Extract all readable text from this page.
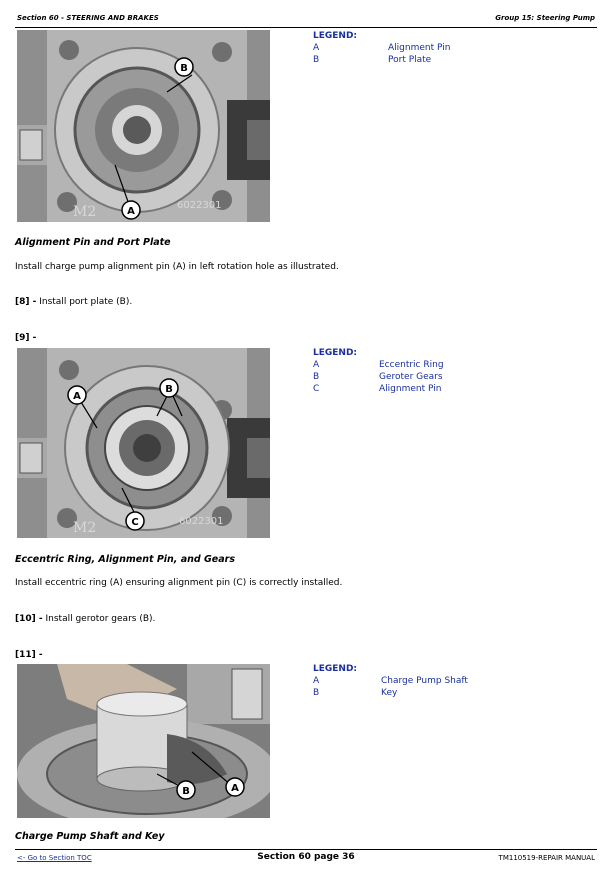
Section 60 - STEERING AND BRAKES	Group 15: Steering Pump
M2	6022301
B
A
LEGEND:
A	Alignment Pin
B	Port Plate
Alignment Pin and Port Plate
Install charge pump alignment pin (A) in left rotation hole as illustrated.
[8] - Install port plate (B).
[9] -
M2	6022301
A
B
C
LEGEND:
A	Eccentric Ring
B	Geroter Gears
C	Alignment Pin
Eccentric Ring, Alignment Pin, and Gears
Install eccentric ring (A) ensuring alignment pin (C) is correctly installed.
[10] - Install gerotor gears (B).
[11] -
A
B
LEGEND:
A	Charge Pump Shaft
B	Key
Charge Pump Shaft and Key
<- Go to Section TOC	Section 60 page 36	TM110519-REPAIR MANUAL
